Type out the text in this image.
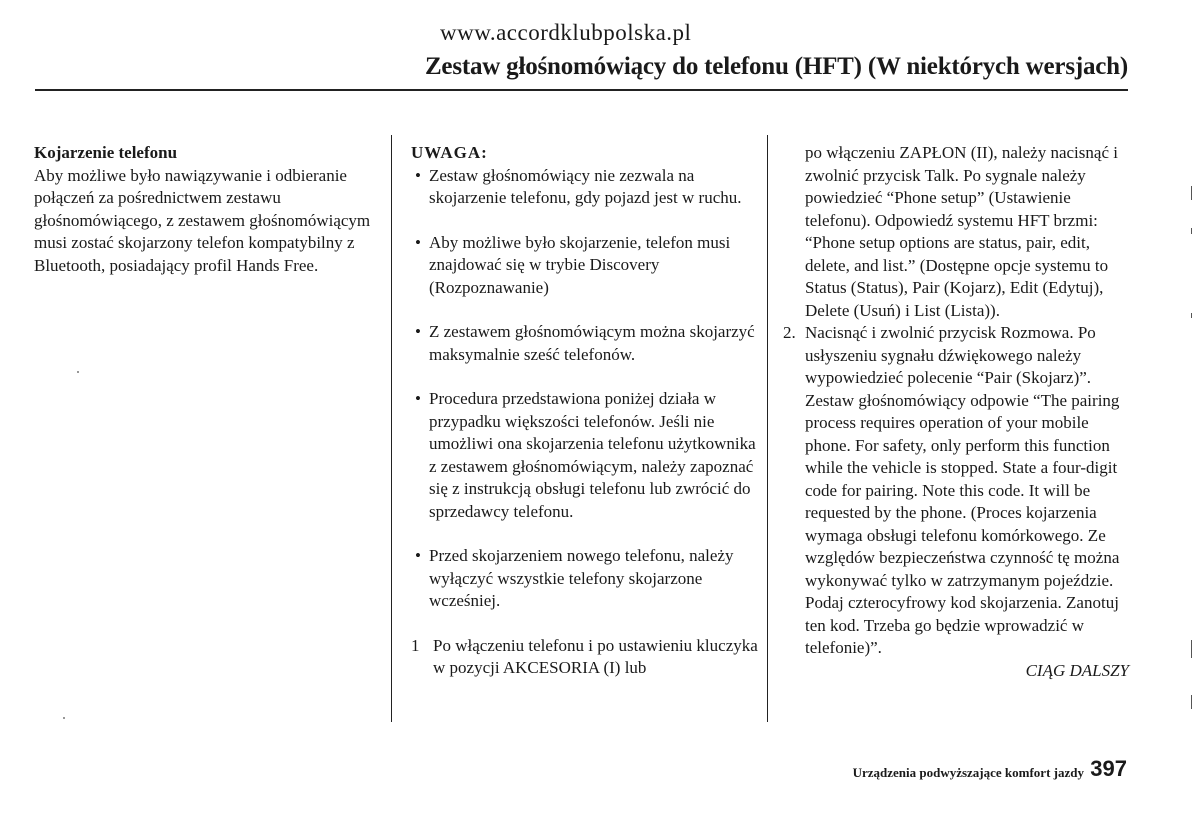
www.accordklubpolska.pl
Zestaw głośnomówiący do telefonu (HFT) (W niektórych wersjach)
Kojarzenie telefonu

Aby możliwe było nawiązywanie i odbieranie połączeń za pośrednictwem zestawu głośnomówiącego, z zestawem głośnomówiącym musi zostać skojarzony telefon kompatybilny z Bluetooth, posiadający profil Hands Free.

UWAGA:

• Zestaw głośnomówiący nie zezwala na skojarzenie telefonu, gdy pojazd jest w ruchu.

• Aby możliwe było skojarzenie, telefon musi znajdować się w trybie Discovery (Rozpoznawanie)

• Z zestawem głośnomówiącym można skojarzyć maksymalnie sześć telefonów.

• Procedura przedstawiona poniżej działa w przypadku większości telefonów. Jeśli nie umożliwi ona skojarzenia telefonu użytkownika z zestawem głośnomówiącym, należy zapoznać się z instrukcją obsługi telefonu lub zwrócić do sprzedawcy telefonu.

• Przed skojarzeniem nowego telefonu, należy wyłączyć wszystkie telefony skojarzone wcześniej.

1 Po włączeniu telefonu i po ustawieniu kluczyka w pozycji AKCESORIA (I) lub

po włączeniu ZAPŁON (II), należy nacisnąć i zwolnić przycisk Talk. Po sygnale należy powiedzieć “Phone setup” (Ustawienie telefonu). Odpowiedź systemu HFT brzmi: “Phone setup options are status, pair, edit, delete, and list.” (Dostępne opcje systemu to Status (Status), Pair (Kojarz), Edit (Edytuj), Delete (Usuń) i List (Lista)).

2. Nacisnąć i zwolnić przycisk Rozmowa. Po usłyszeniu sygnału dźwiękowego należy wypowiedzieć polecenie “Pair (Skojarz)”. Zestaw głośnomówiący odpowie “The pairing process requires operation of your mobile phone. For safety, only perform this function while the vehicle is stopped. State a four-digit code for pairing. Note this code. It will be requested by the phone. (Proces kojarzenia wymaga obsługi telefonu komórkowego. Ze względów bezpieczeństwa czynność tę można wykonywać tylko w zatrzymanym pojeździe. Podaj czterocyfrowy kod skojarzenia. Zanotuj ten kod. Trzeba go będzie wprowadzić w telefonie)”.

CIĄG DALSZY
Urządzenia podwyższające komfort jazdy 397
